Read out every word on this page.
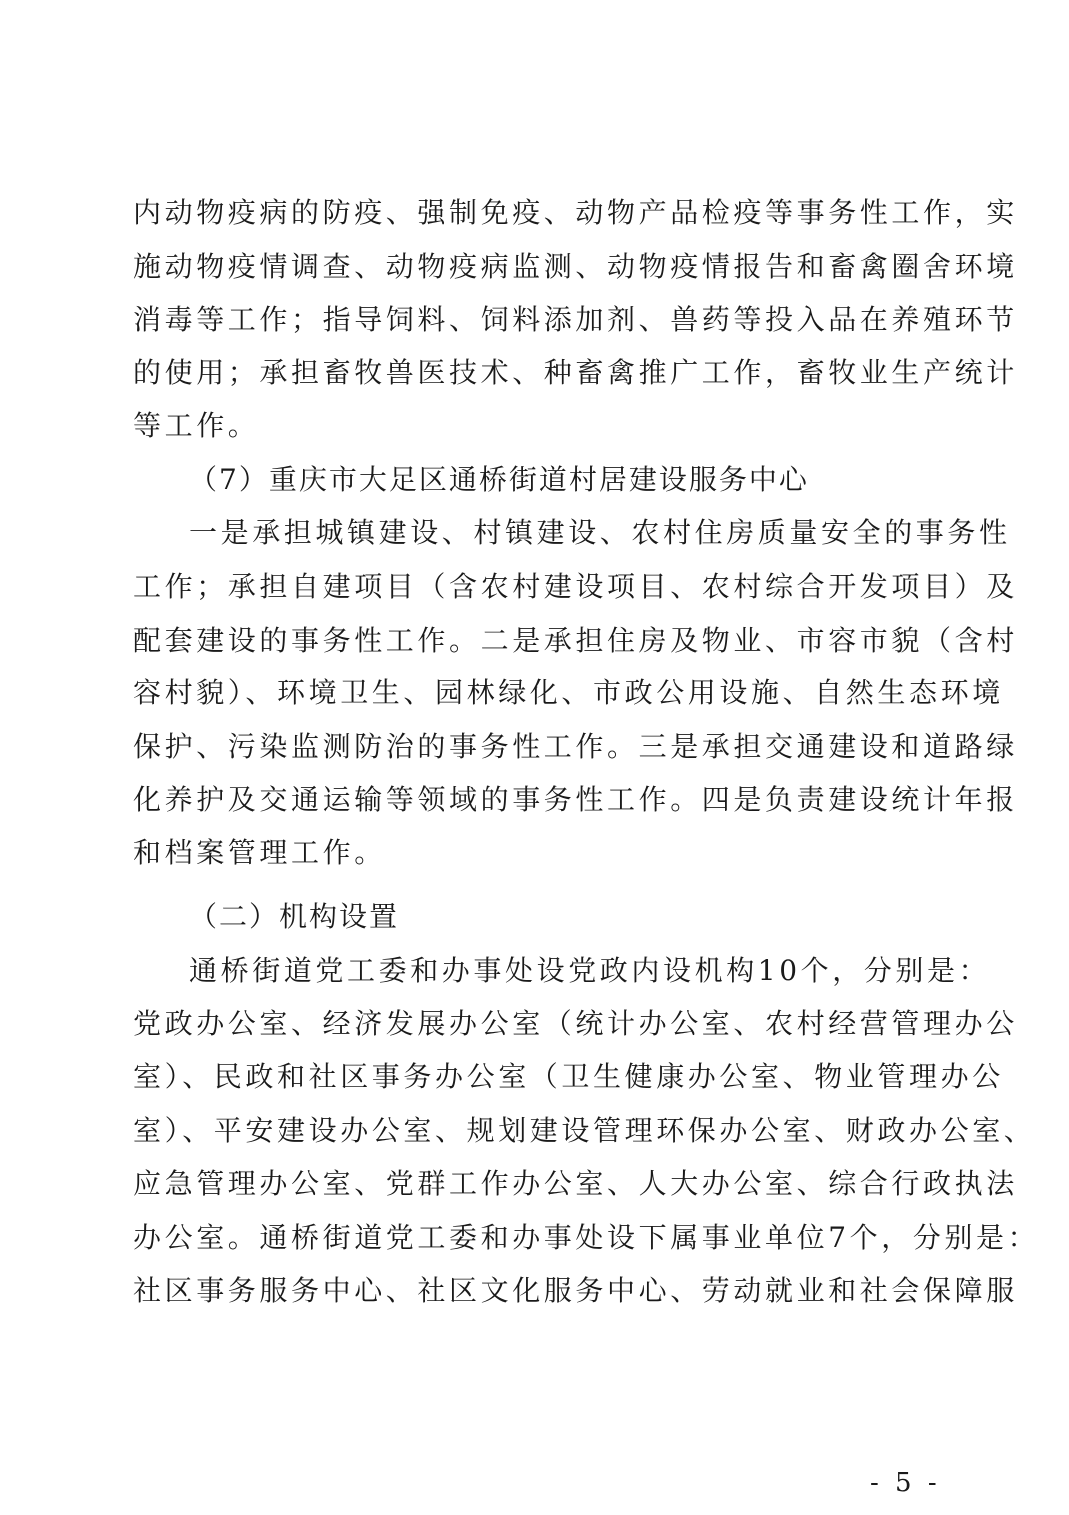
内动物疫病的防疫、强制免疫、动物产品检疫等事务性工作，实
施动物疫情调查、动物疫病监测、动物疫情报告和畜禽圈舍环境
消毒等工作；指导饲料、饲料添加剂、兽药等投入品在养殖环节
的使用；承担畜牧兽医技术、种畜禽推广工作，畜牧业生产统计
等工作。
（7）重庆市大足区通桥街道村居建设服务中心
一是承担城镇建设、村镇建设、农村住房质量安全的事务性
工作；承担自建项目（含农村建设项目、农村综合开发项目）及
配套建设的事务性工作。二是承担住房及物业、市容市貌（含村
容村貌）、环境卫生、园林绿化、市政公用设施、自然生态环境
保护、污染监测防治的事务性工作。三是承担交通建设和道路绿
化养护及交通运输等领域的事务性工作。四是负责建设统计年报
和档案管理工作。
（二）机构设置
通桥街道党工委和办事处设党政内设机构10个，分别是：
党政办公室、经济发展办公室（统计办公室、农村经营管理办公
室）、民政和社区事务办公室（卫生健康办公室、物业管理办公
室）、平安建设办公室、规划建设管理环保办公室、财政办公室、
应急管理办公室、党群工作办公室、人大办公室、综合行政执法
办公室。通桥街道党工委和办事处设下属事业单位7个，分别是：
社区事务服务中心、社区文化服务中心、劳动就业和社会保障服
- 5 -
